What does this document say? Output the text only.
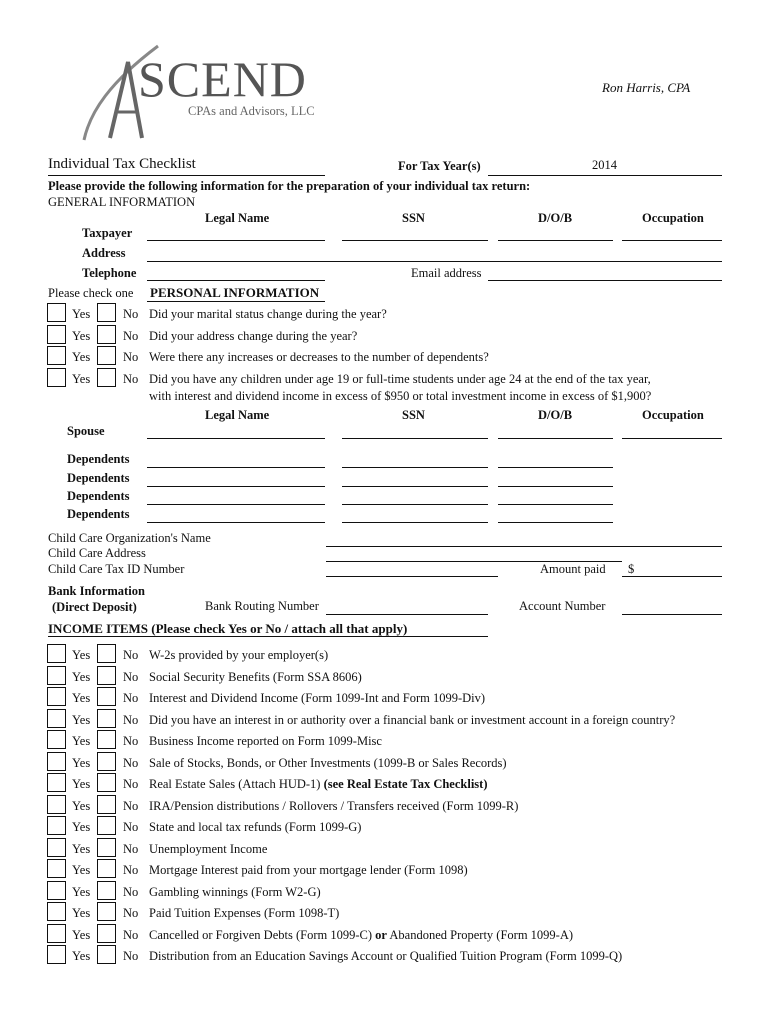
SCEND
CPAs and Advisors, LLC
Ron Harris, CPA
Individual Tax Checklist	For Tax Year(s)	2014
Please provide the following information for the preparation of your individual tax return:
GENERAL INFORMATION
Legal Name	SSN	D/O/B	Occupation
Taxpayer
Address
Telephone	Email address
Please check one PERSONAL INFORMATION
Yes	No Did your marital status change during the year?
Yes	No Did your address change during the year?
Yes	No Were there any increases or decreases to the number of dependents?
Yes	No Did you have any children under age 19 or full-time students under age 24 at the end of the tax year,
with interest and dividend income in excess of $950 or total investment income in excess of $1,900?
Legal Name	SSN	D/O/B	Occupation
Spouse
Dependents
Dependents
Dependents
Dependents
Child Care Organization's Name
Child Care Address
Child Care Tax ID Number	Amount paid $
Bank Information
(Direct Deposit)	Bank Routing Number	Account Number
INCOME ITEMS (Please check Yes or No / attach all that apply)
Yes	No W-2s provided by your employer(s)
Yes	No Social Security Benefits (Form SSA 8606)
Yes	No Interest and Dividend Income (Form 1099-Int and Form 1099-Div)
Yes	No Did you have an interest in or authority over a financial bank or investment account in a foreign country?
Yes	No Business Income reported on Form 1099-Misc
Yes	No Sale of Stocks, Bonds, or Other Investments (1099-B or Sales Records)
Yes	No Real Estate Sales (Attach HUD-1) (see Real Estate Tax Checklist)
Yes	No IRA/Pension distributions / Rollovers / Transfers received (Form 1099-R)
Yes	No State and local tax refunds (Form 1099-G)
Yes	No Unemployment Income
Yes	No Mortgage Interest paid from your mortgage lender (Form 1098)
Yes	No Gambling winnings (Form W2-G)
Yes	No Paid Tuition Expenses (Form 1098-T)
Yes	No Cancelled or Forgiven Debts (Form 1099-C) or Abandoned Property (Form 1099-A)
Yes	No Distribution from an Education Savings Account or Qualified Tuition Program (Form 1099-Q)
